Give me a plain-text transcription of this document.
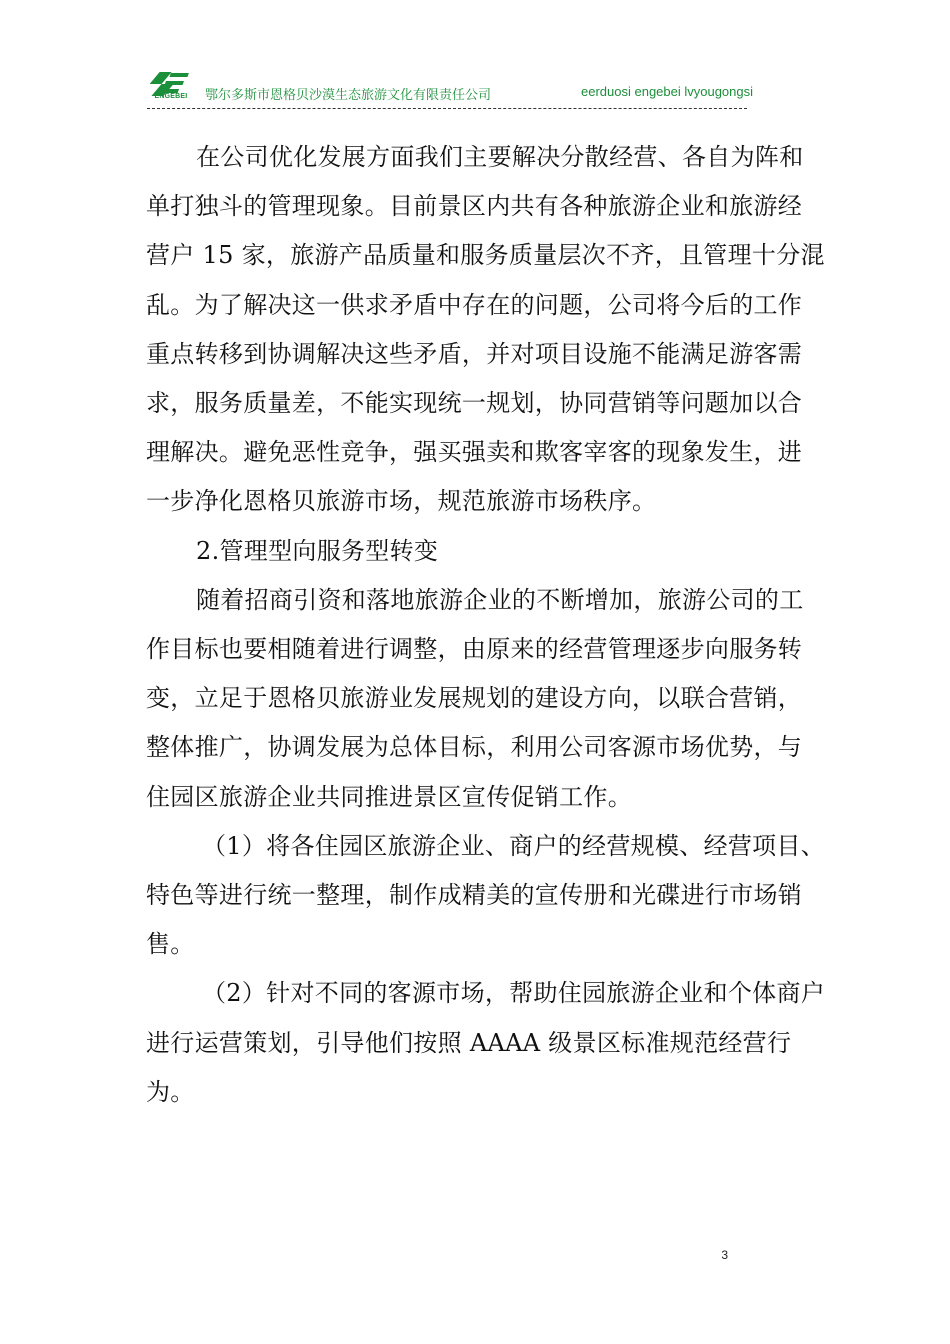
ENGEBEI	鄂尔多斯市恩格贝沙漠生态旅游文化有限责任公司	eerduosi engebei lvyougongsi

在公司优化发展方面我们主要解决分散经营、各自为阵和单打独斗的管理现象。目前景区内共有各种旅游企业和旅游经营户 15 家，旅游产品质量和服务质量层次不齐，且管理十分混乱。为了解决这一供求矛盾中存在的问题，公司将今后的工作重点转移到协调解决这些矛盾，并对项目设施不能满足游客需求，服务质量差，不能实现统一规划，协同营销等问题加以合理解决。避免恶性竞争，强买强卖和欺客宰客的现象发生，进一步净化恩格贝旅游市场，规范旅游市场秩序。

2.管理型向服务型转变

随着招商引资和落地旅游企业的不断增加，旅游公司的工作目标也要相随着进行调整，由原来的经营管理逐步向服务转变，立足于恩格贝旅游业发展规划的建设方向，以联合营销，整体推广，协调发展为总体目标，利用公司客源市场优势，与住园区旅游企业共同推进景区宣传促销工作。

（1）将各住园区旅游企业、商户的经营规模、经营项目、特色等进行统一整理，制作成精美的宣传册和光碟进行市场销售。

（2）针对不同的客源市场，帮助住园旅游企业和个体商户进行运营策划，引导他们按照 AAAA 级景区标准规范经营行为。

3
